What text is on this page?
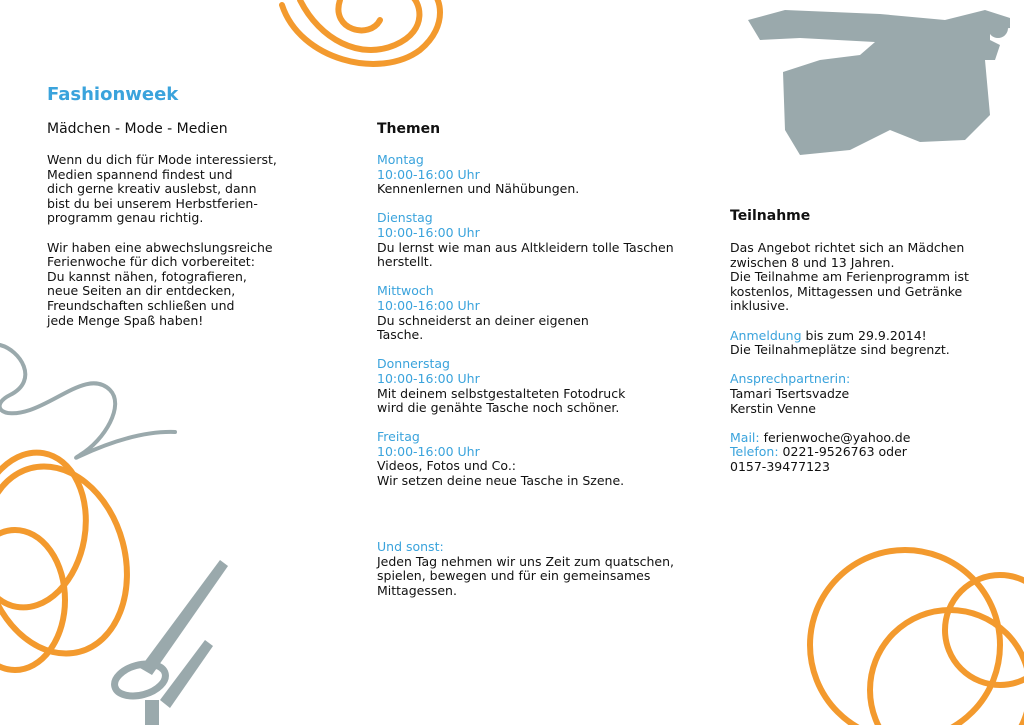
Fashionweek
Mädchen - Mode - Medien
Wenn du dich für Mode interessierst,
Medien spannend findest und
dich gerne kreativ auslebst, dann
bist du bei unserem Herbstferien-
programm genau richtig.
Wir haben eine abwechslungsreiche
Ferienwoche für dich vorbereitet:
Du kannst nähen, fotografieren,
neue Seiten an dir entdecken,
Freundschaften schließen und
jede Menge Spaß haben!
Themen
Montag
10:00-16:00 Uhr
Kennenlernen und Nähübungen.
Dienstag
10:00-16:00 Uhr
Du lernst wie man aus Altkleidern tolle Taschen
herstellt.
Mittwoch
10:00-16:00 Uhr
Du schneiderst an deiner eigenen
Tasche.
Donnerstag
10:00-16:00 Uhr
Mit deinem selbstgestalteten Fotodruck
wird die genähte Tasche noch schöner.
Freitag
10:00-16:00 Uhr
Videos, Fotos und Co.:
Wir setzen deine neue Tasche in Szene.
Und sonst:
Jeden Tag nehmen wir uns Zeit zum quatschen,
spielen, bewegen und für ein gemeinsames
Mittagessen.
Teilnahme
Das Angebot richtet sich an Mädchen
zwischen 8 und 13 Jahren.
Die Teilnahme am Ferienprogramm ist
kostenlos, Mittagessen und Getränke
inklusive.
Anmeldung bis zum 29.9.2014!
Die Teilnahmeplätze sind begrenzt.
Ansprechpartnerin:
Tamari Tsertsvadze
Kerstin Venne
Mail: ferienwoche@yahoo.de
Telefon: 0221-9526763 oder
0157-39477123
